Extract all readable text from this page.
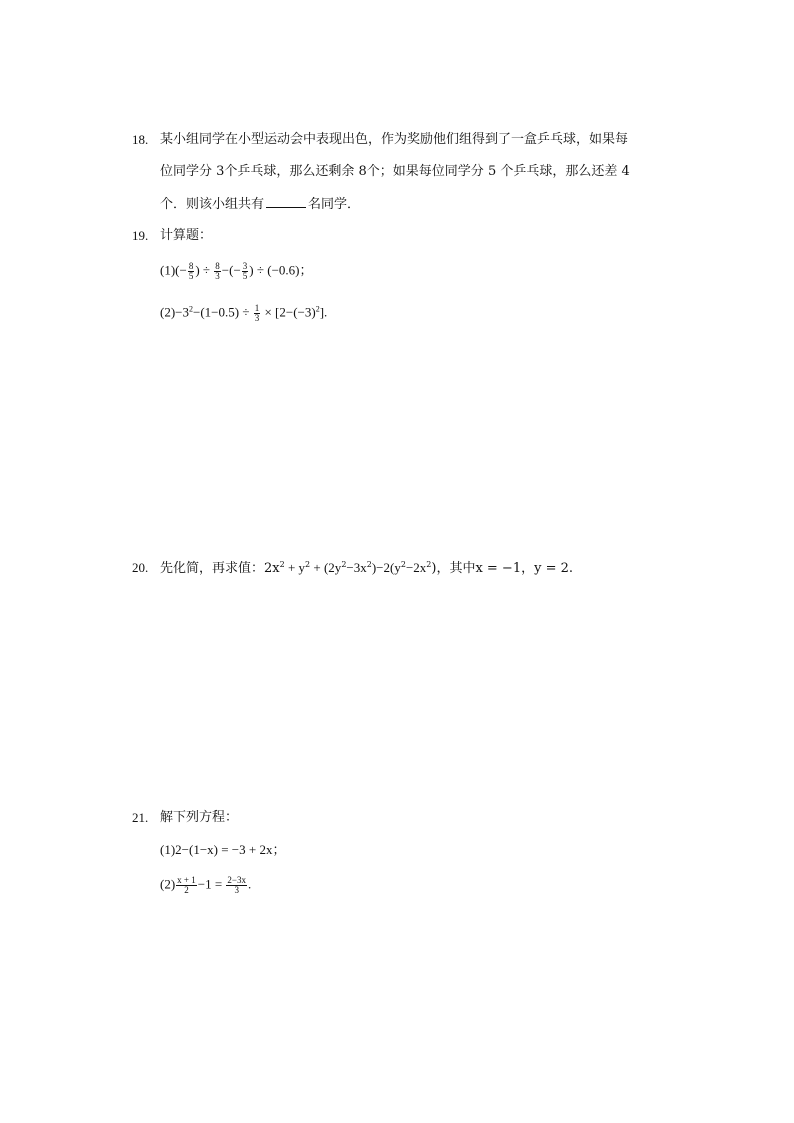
18. 某小组同学在小型运动会中表现出色，作为奖励他们组得到了一盒乒乓球，如果每
位同学分 3个乒乓球，那么还剩余 8个；如果每位同学分 5 个乒乓球，那么还差 4
个．则该小组共有	名同学．
19. 计算题：
$(1)(- \frac{8}{5}$ ) ÷ $\frac{8}{3}$ −(− $\frac{3}{5}$ ) ÷ (−0.6)；
$(2)-3^2-(1-0.5) \div \frac{1}{3} \times [2-(-3)^2]$.
20. 先化简，再求值：$2x^2 + y^2 + (2y^2-3x^2)-2(y^2-2x^2)$，其中x = −1，y = 2.
21. 解下列方程：
(1)2−(1−x) = −3 + 2x；
$(2) \frac{x + 1}{2} -1 = \frac{2-3x}{3}$ .
